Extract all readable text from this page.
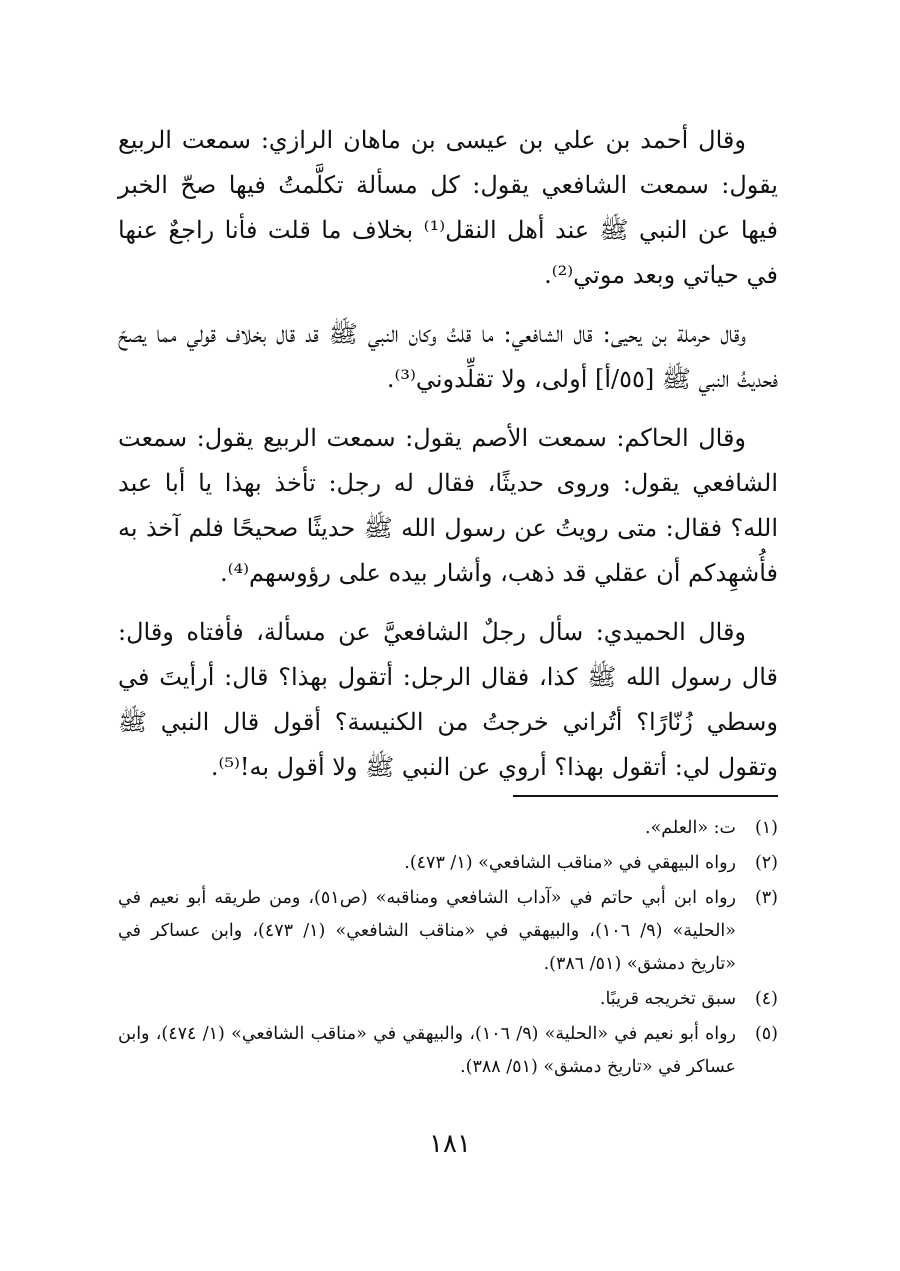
وقال أحمد بن علي بن عيسى بن ماهان الرازي: سمعت الربيع يقول: سمعت الشافعي يقول: كل مسألة تكلَّمتُ فيها صحّ الخبر فيها عن النبي ﷺ عند أهل النقل⁽¹⁾ بخلاف ما قلت فأنا راجعٌ عنها في حياتي وبعد موتي⁽²⁾.

وقال حرملة بن يحيى: قال الشافعي: ما قلتُ وكان النبي ﷺ قد قال بخلاف قولي مما يصحّ فحديثُ النبي ﷺ [٥٥/أ] أولى، ولا تقلِّدوني⁽³⁾.

وقال الحاكم: سمعت الأصم يقول: سمعت الربيع يقول: سمعت الشافعي يقول: وروى حديثًا، فقال له رجل: تأخذ بهذا يا أبا عبد الله؟ فقال: متى رويتُ عن رسول الله ﷺ حديثًا صحيحًا فلم آخذ به فأُشهِدكم أن عقلي قد ذهب، وأشار بيده على رؤوسهم⁽⁴⁾.

وقال الحميدي: سأل رجلٌ الشافعيَّ عن مسألة، فأفتاه وقال: قال رسول الله ﷺ كذا، فقال الرجل: أتقول بهذا؟ قال: أرأيتَ في وسطي زُنّارًا؟ أتُراني خرجتُ من الكنيسة؟ أقول قال النبي ﷺ وتقول لي: أتقول بهذا؟ أروي عن النبي ﷺ ولا أقول به!⁽⁵⁾.

(١)
ت: «العلم».
(٢)
رواه البيهقي في «مناقب الشافعي» (١/ ٤٧٣).
(٣)
رواه ابن أبي حاتم في «آداب الشافعي ومناقبه» (ص٥١)، ومن طريقه أبو نعيم في «الحلية» (٩/ ١٠٦)، والبيهقي في «مناقب الشافعي» (١/ ٤٧٣)، وابن عساكر في «تاريخ دمشق» (٥١/ ٣٨٦).
(٤)
سبق تخريجه قريبًا.
(٥)
رواه أبو نعيم في «الحلية» (٩/ ١٠٦)، والبيهقي في «مناقب الشافعي» (١/ ٤٧٤)، وابن عساكر في «تاريخ دمشق» (٥١/ ٣٨٨).
١٨١
